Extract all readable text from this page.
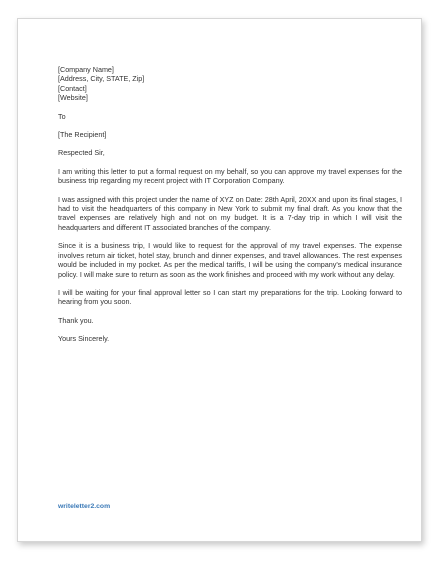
[Company Name]
[Address, City, STATE, Zip]
[Contact]
[Website]
To
[The Recipient]
Respected Sir,

I am writing this letter to put a formal request on my behalf, so you can approve my travel expenses for the business trip regarding my recent project with IT Corporation Company.

I was assigned with this project under the name of XYZ on Date: 28th April, 20XX and upon its final stages, I had to visit the headquarters of this company in New York to submit my final draft. As you know that the travel expenses are relatively high and not on my budget. It is a 7-day trip in which I will visit the headquarters and different IT associated branches of the company.

Since it is a business trip, I would like to request for the approval of my travel expenses. The expense involves return air ticket, hotel stay, brunch and dinner expenses, and travel allowances. The rest expenses would be included in my pocket. As per the medical tariffs, I will be using the company's medical insurance policy. I will make sure to return as soon as the work finishes and proceed with my work without any delay.

I will be waiting for your final approval letter so I can start my preparations for the trip. Looking forward to hearing from you soon.

Thank you.
Yours Sincerely.
writeletter2.com
